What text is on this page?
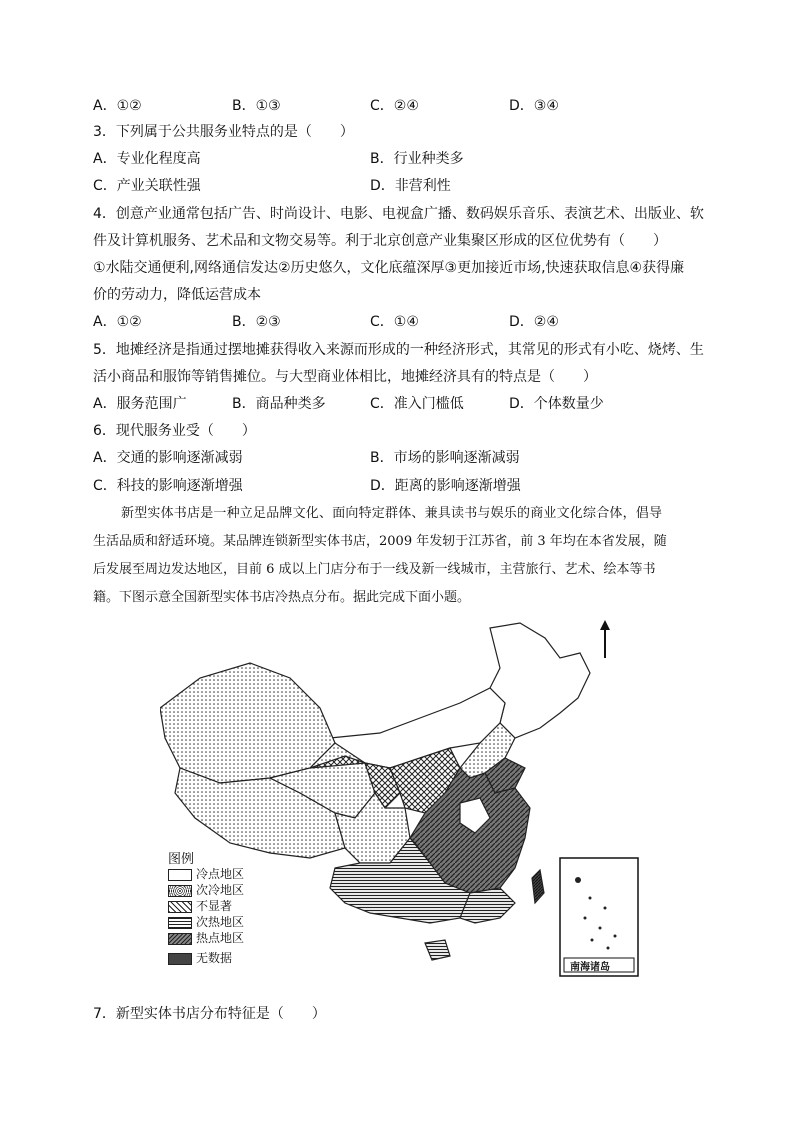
A．①②	B．①③	C．②④	D．③④
3．下列属于公共服务业特点的是（　　）
A．专业化程度高	B．行业种类多
C．产业关联性强	D．非营利性
4．创意产业通常包括广告、时尚设计、电影、电视盒广播、数码娱乐音乐、表演艺术、出版业、软
件及计算机服务、艺术品和文物交易等。利于北京创意产业集聚区形成的区位优势有（　　）
①水陆交通便利,网络通信发达②历史悠久，文化底蕴深厚③更加接近市场,快速获取信息④获得廉
价的劳动力，降低运营成本
A．①②	B．②③	C．①④	D．②④
5．地摊经济是指通过摆地摊获得收入来源而形成的一种经济形式，其常见的形式有小吃、烧烤、生
活小商品和服饰等销售摊位。与大型商业体相比，地摊经济具有的特点是（　　）
A．服务范围广	B．商品种类多	C．准入门槛低	D．个体数量少
6．现代服务业受（　　）
A．交通的影响逐渐减弱	B．市场的影响逐渐减弱
C．科技的影响逐渐增强	D．距离的影响逐渐增强
新型实体书店是一种立足品牌文化、面向特定群体、兼具读书与娱乐的商业文化综合体，倡导
生活品质和舒适环境。某品牌连锁新型实体书店，2009 年发轫于江苏省，前 3 年均在本省发展，随
后发展至周边发达地区，目前 6 成以上门店分布于一线及新一线城市，主营旅行、艺术、绘本等书
籍。下图示意全国新型实体书店冷热点分布。据此完成下面小题。
南海诸岛
图例
冷点地区
次冷地区
不显著
次热地区
热点地区
无数据
7．新型实体书店分布特征是（　　）
